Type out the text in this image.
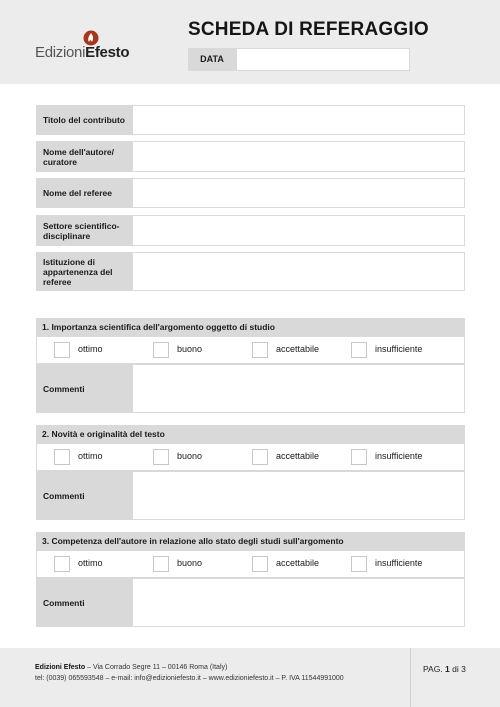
EdizioniEfesto
SCHEDA DI REFERAGGIO
DATA
Titolo del contributo
Nome dell'autore/ curatore
Nome del referee
Settore scientifico-disciplinare
Istituzione di appartenenza del referee
1. Importanza scientifica dell'argomento oggetto di studio
ottimo	buono	accettabile	insufficiente
Commenti
2. Novità e originalità del testo
ottimo	buono	accettabile	insufficiente
Commenti
3. Competenza dell'autore in relazione allo stato degli studi sull'argomento
ottimo	buono	accettabile	insufficiente
Commenti
Edizioni Efesto – Via Corrado Segre 11 – 00146 Roma (Italy)
tel: (0039) 065593548 – e-mail: info@edizioniefesto.it – www.edizioniefesto.it – P. IVA 11544991000
PAG. 1 di 3
